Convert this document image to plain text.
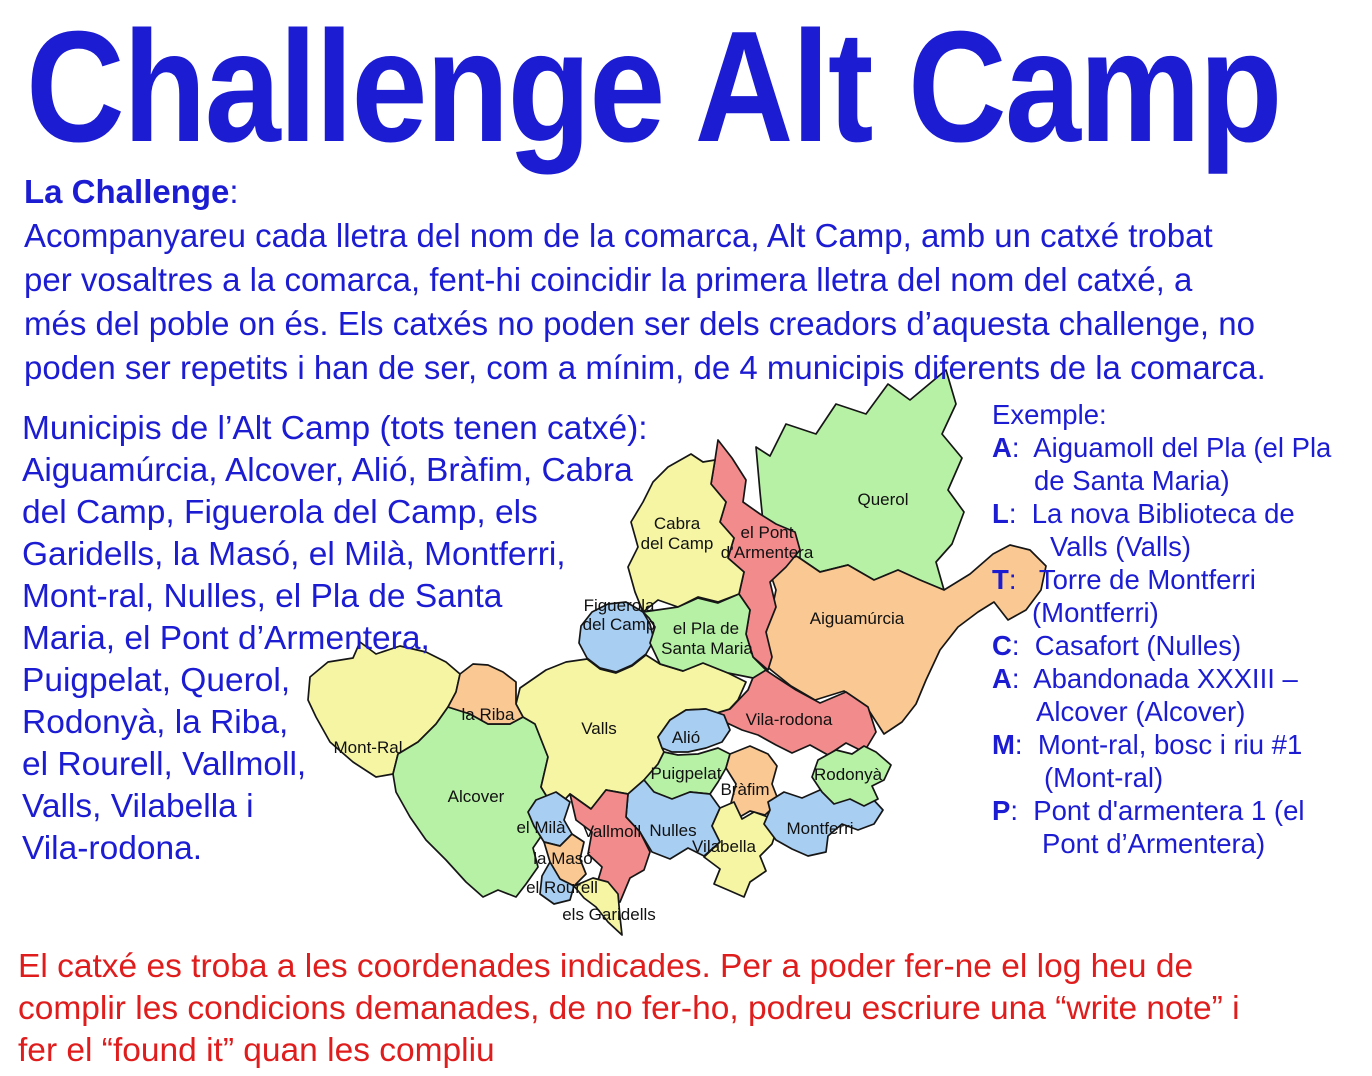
Cabra
del Camp
el Pont
d’Armentera
Querol
Figuerola
del Camp el Pla de
Santa Maria
Aiguamúrcia
la Riba
Mont-Ral
Valls	Alió
Vila-rodona
Puigpelat
Bràfim
Rodonyà
Alcover
el Milà Vallmoll Nulles
Vilabella
Montferri
la Masó
el Rourell
els Garidells
Challenge Alt Camp
La Challenge:
Acompanyareu cada lletra del nom de la comarca, Alt Camp, amb un catxé trobat
per vosaltres a la comarca, fent-hi coincidir la primera lletra del nom del catxé, a
més del poble on és. Els catxés no poden ser dels creadors d’aquesta challenge, no
poden ser repetits i han de ser, com a mínim, de 4 municipis diferents de la comarca.
Municipis de l’Alt Camp (tots tenen catxé):
Aiguamúrcia, Alcover, Alió, Bràfim, Cabra
del Camp, Figuerola del Camp, els
Garidells, la Masó, el Milà, Montferri,
Mont-ral, Nulles, el Pla de Santa
Maria, el Pont d’Armentera,
Puigpelat, Querol,
Rodonyà, la Riba,
el Rourell, Vallmoll,
Valls, Vilabella i
Vila-rodona.
Exemple:
A:  Aiguamoll del Pla (el Pla
de Santa Maria)
L:  La nova Biblioteca de
Valls (Valls)
T:   Torre de Montferri
(Montferri)
C:  Casafort (Nulles)
A:  Abandonada XXXIII –
Alcover (Alcover)
M:  Mont-ral, bosc i riu #1
(Mont-ral)
P:  Pont d'armentera 1 (el
Pont d’Armentera)
El catxé es troba a les coordenades indicades. Per a poder fer-ne el log heu de
complir les condicions demanades, de no fer-ho, podreu escriure una “write note” i
fer el “found it” quan les compliu
